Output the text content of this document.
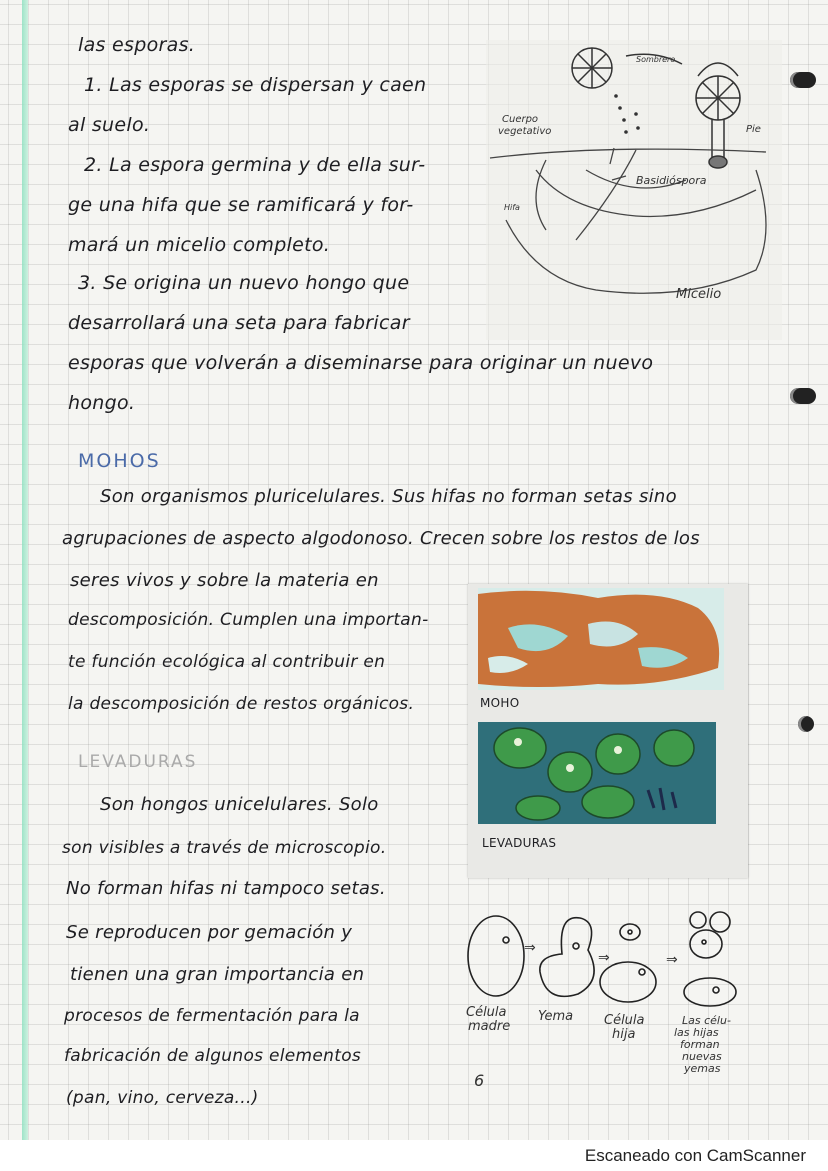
las esporas.
1. Las esporas se dispersan y caen
al suelo.
2. La espora germina y de ella sur-
ge una hifa que se ramificará y for-
mará un micelio completo.
3. Se origina un nuevo hongo que
desarrollará una seta para fabricar
esporas que volverán a diseminarse para originar un nuevo
hongo.
Sombrero
Cuerpo vegetativo	Pie
Basidióspora
Hifa
Micelio
MOHOS
Son organismos pluricelulares. Sus hifas no forman setas sino
agrupaciones de aspecto algodonoso. Crecen sobre los restos de los
seres vivos y sobre la materia en
descomposición. Cumplen una importan-
te función ecológica al contribuir en
la descomposición de restos orgánicos.	MOHO
LEVADURAS
LEVADURAS
Son hongos unicelulares. Solo
son visibles a través de microscopio.
No forman hifas ni tampoco setas.
Se reproducen por gemación y
tienen una gran importancia en
procesos de fermentación para la
fabricación de algunos elementos
(pan, vino, cerveza...)
⇒
⇒	⇒
Célula madre
Yema Célula hija
Las célu-las hijas forman nuevas yemas
6
Escaneado con CamScanner
